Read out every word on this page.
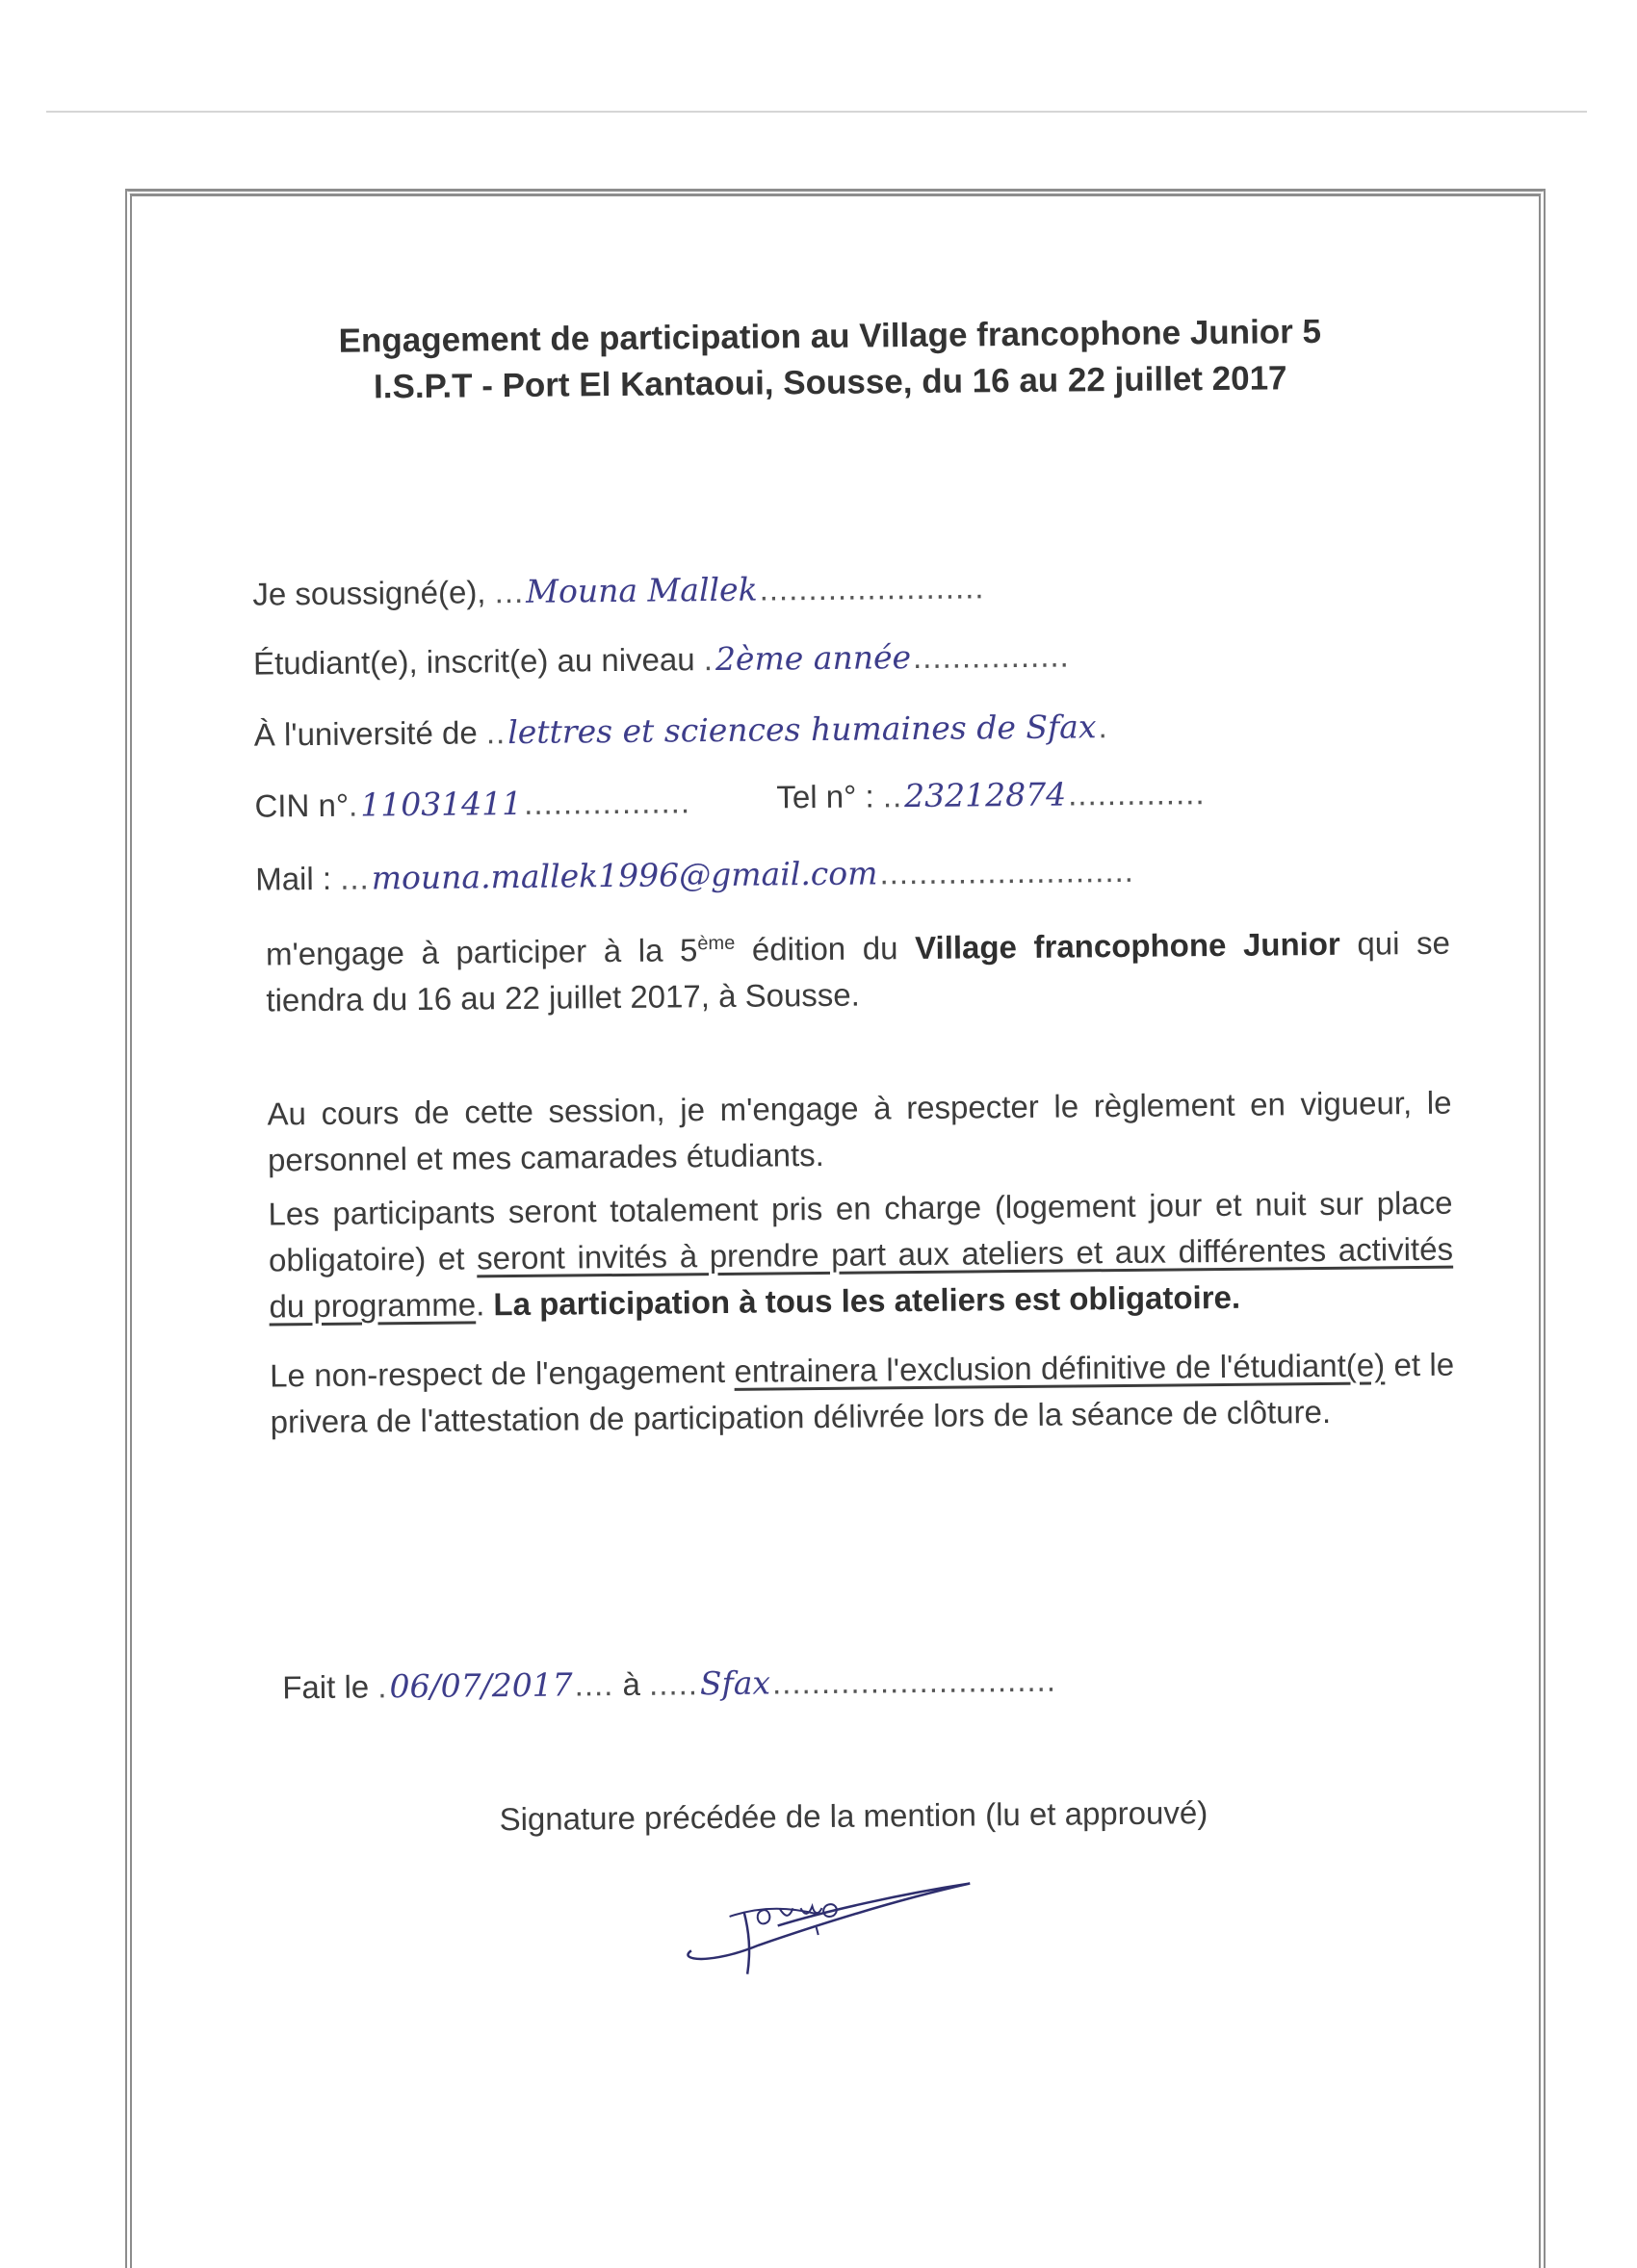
Engagement de participation au Village francophone Junior 5
I.S.P.T - Port El Kantaoui, Sousse, du 16 au 22 juillet 2017
Je soussigné(e), ...Mouna Mallek.......................
Étudiant(e), inscrit(e) au niveau .2ème année................
À l'université de ..lettres et sciences humaines de Sfax.
CIN n°.11031411.................	Tel n° : ..23212874..............
Mail : ...mouna.mallek1996@gmail.com..........................
m'engage à participer à la 5ème édition du Village francophone Junior qui se tiendra du 16 au 22 juillet 2017, à Sousse.
Au cours de cette session, je m'engage à respecter le règlement en vigueur, le personnel et mes camarades étudiants.
Les participants seront totalement pris en charge (logement jour et nuit sur place obligatoire) et seront invités à prendre part aux ateliers et aux différentes activités du programme. La participation à tous les ateliers est obligatoire.
Le non-respect de l'engagement entrainera l'exclusion définitive de l'étudiant(e) et le privera de l'attestation de participation délivrée lors de la séance de clôture.
Fait le .06/07/2017.... à .....Sfax.............................
Signature précédée de la mention (lu et approuvé)
